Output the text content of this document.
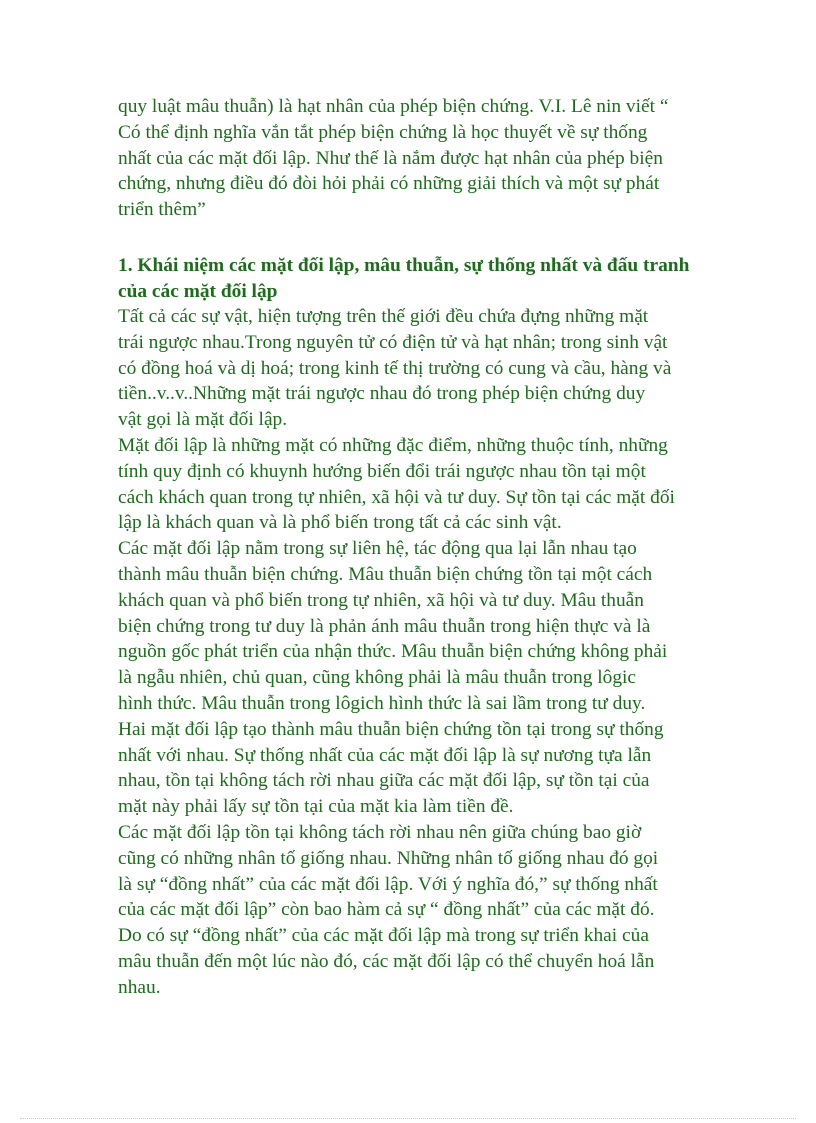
quy luật mâu thuẫn) là hạt nhân của phép biện chứng. V.I. Lê nin viết “
Có thể định nghĩa vắn tắt phép biện chứng là học thuyết về sự thống
nhất của các mặt đối lập. Như thế là nắm được hạt nhân của phép biện
chứng, nhưng điều đó đòi hỏi phải có những giải thích và một sự phát
triển thêm”

1. Khái niệm các mặt đối lập, mâu thuẫn, sự thống nhất và đấu tranh
của các mặt đối lập

Tất cả các sự vật, hiện tượng trên thế giới đều chứa đựng những mặt
trái ngược nhau.Trong nguyên tử có điện tử và hạt nhân; trong sinh vật
có đồng hoá và dị hoá; trong kinh tế thị trường có cung và cầu, hàng và
tiền..v..v..Những mặt trái ngược nhau đó trong phép biện chứng duy
vật gọi là mặt đối lập.
Mặt đối lập là những mặt có những đặc điểm, những thuộc tính, những
tính quy định có khuynh hướng biến đổi trái ngược nhau tồn tại một
cách khách quan trong tự nhiên, xã hội và tư duy. Sự tồn tại các mặt đối
lập là khách quan và là phổ biến trong tất cả các sinh vật.
Các mặt đối lập nằm trong sự liên hệ, tác động qua lại lẫn nhau tạo
thành mâu thuẫn biện chứng. Mâu thuẫn biện chứng tồn tại một cách
khách quan và phổ biến trong tự nhiên, xã hội và tư duy. Mâu thuẫn
biện chứng trong tư duy là phản ánh mâu thuẫn trong hiện thực và là
nguồn gốc phát triển của nhận thức. Mâu thuẫn biện chứng không phải
là ngẫu nhiên, chủ quan, cũng không phải là mâu thuẫn trong lôgic
hình thức. Mâu thuẫn trong lôgich hình thức là sai lầm trong tư duy.
Hai mặt đối lập tạo thành mâu thuẫn biện chứng tồn tại trong sự thống
nhất với nhau. Sự thống nhất của các mặt đối lập là sự nương tựa lẫn
nhau, tồn tại không tách rời nhau giữa các mặt đối lập, sự tồn tại của
mặt này phải lấy sự tồn tại của mặt kia làm tiền đề.
Các mặt đối lập tồn tại không tách rời nhau nên giữa chúng bao giờ
cũng có những nhân tố giống nhau. Những nhân tố giống nhau đó gọi
là sự “đồng nhất” của các mặt đối lập. Với ý nghĩa đó,” sự thống nhất
của các mặt đối lập” còn bao hàm cả sự “ đồng nhất” của các mặt đó.
Do có sự “đồng nhất” của các mặt đối lập mà trong sự triển khai của
mâu thuẫn đến một lúc nào đó, các mặt đối lập có thể chuyển hoá lẫn
nhau.
